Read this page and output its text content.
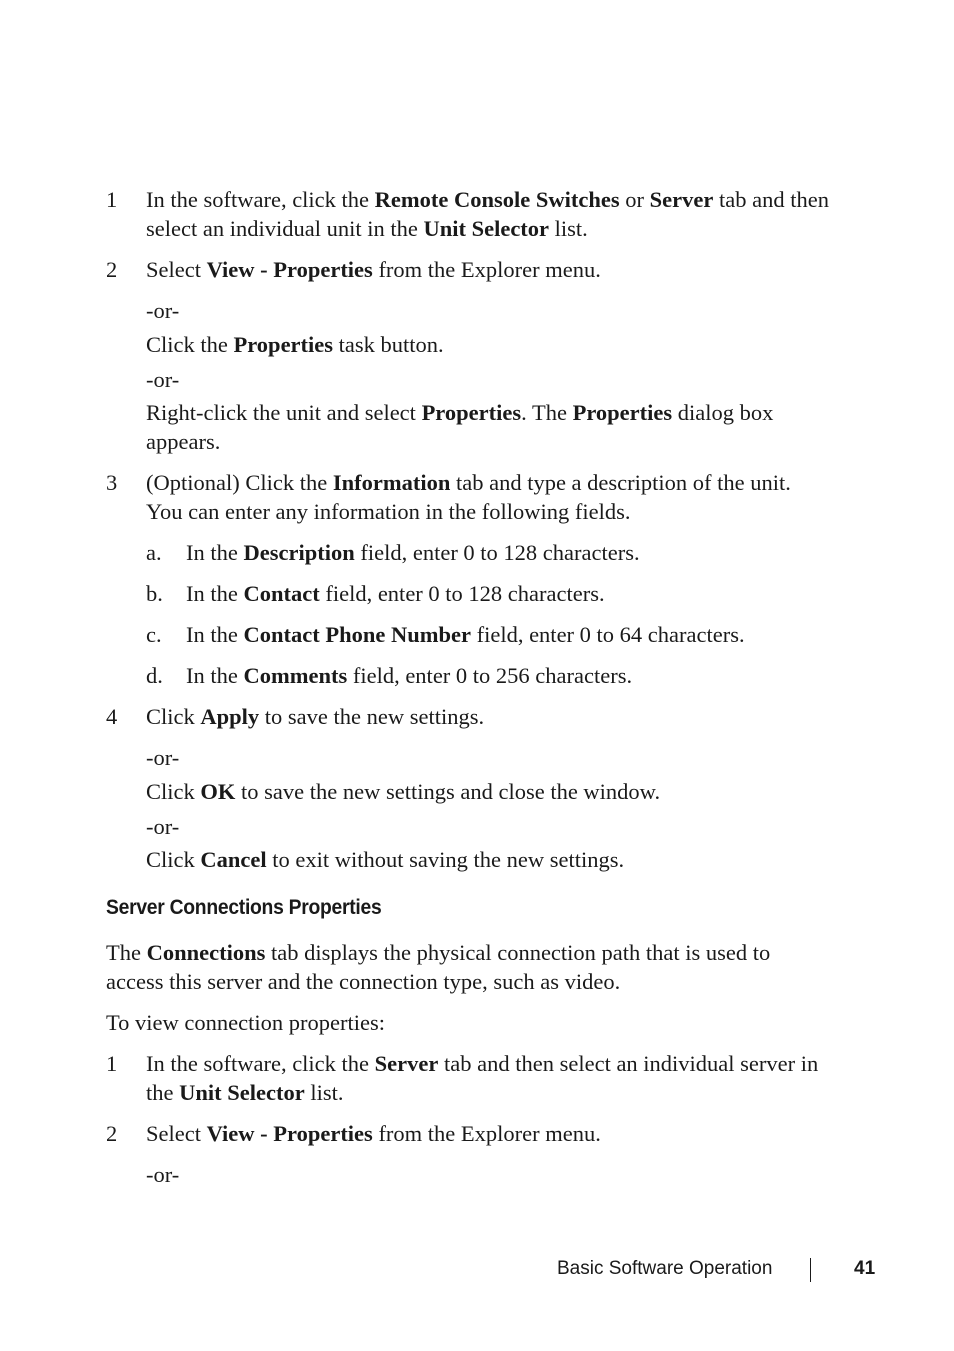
1 In the software, click the Remote Console Switches or Server tab and then
select an individual unit in the Unit Selector list.
2 Select View - Properties from the Explorer menu.
-or-
Click the Properties task button.
-or-
Right-click the unit and select Properties. The Properties dialog box
appears.
3 (Optional) Click the Information tab and type a description of the unit.
You can enter any information in the following fields.
a. In the Description field, enter 0 to 128 characters.
b. In the Contact field, enter 0 to 128 characters.
c. In the Contact Phone Number field, enter 0 to 64 characters.
d. In the Comments field, enter 0 to 256 characters.
4 Click Apply to save the new settings.
-or-
Click OK to save the new settings and close the window.
-or-
Click Cancel to exit without saving the new settings.
Server Connections Properties
The Connections tab displays the physical connection path that is used to
access this server and the connection type, such as video.
To view connection properties:
1 In the software, click the Server tab and then select an individual server in
the Unit Selector list.
2 Select View - Properties from the Explorer menu.
-or-
Basic Software Operation	41
